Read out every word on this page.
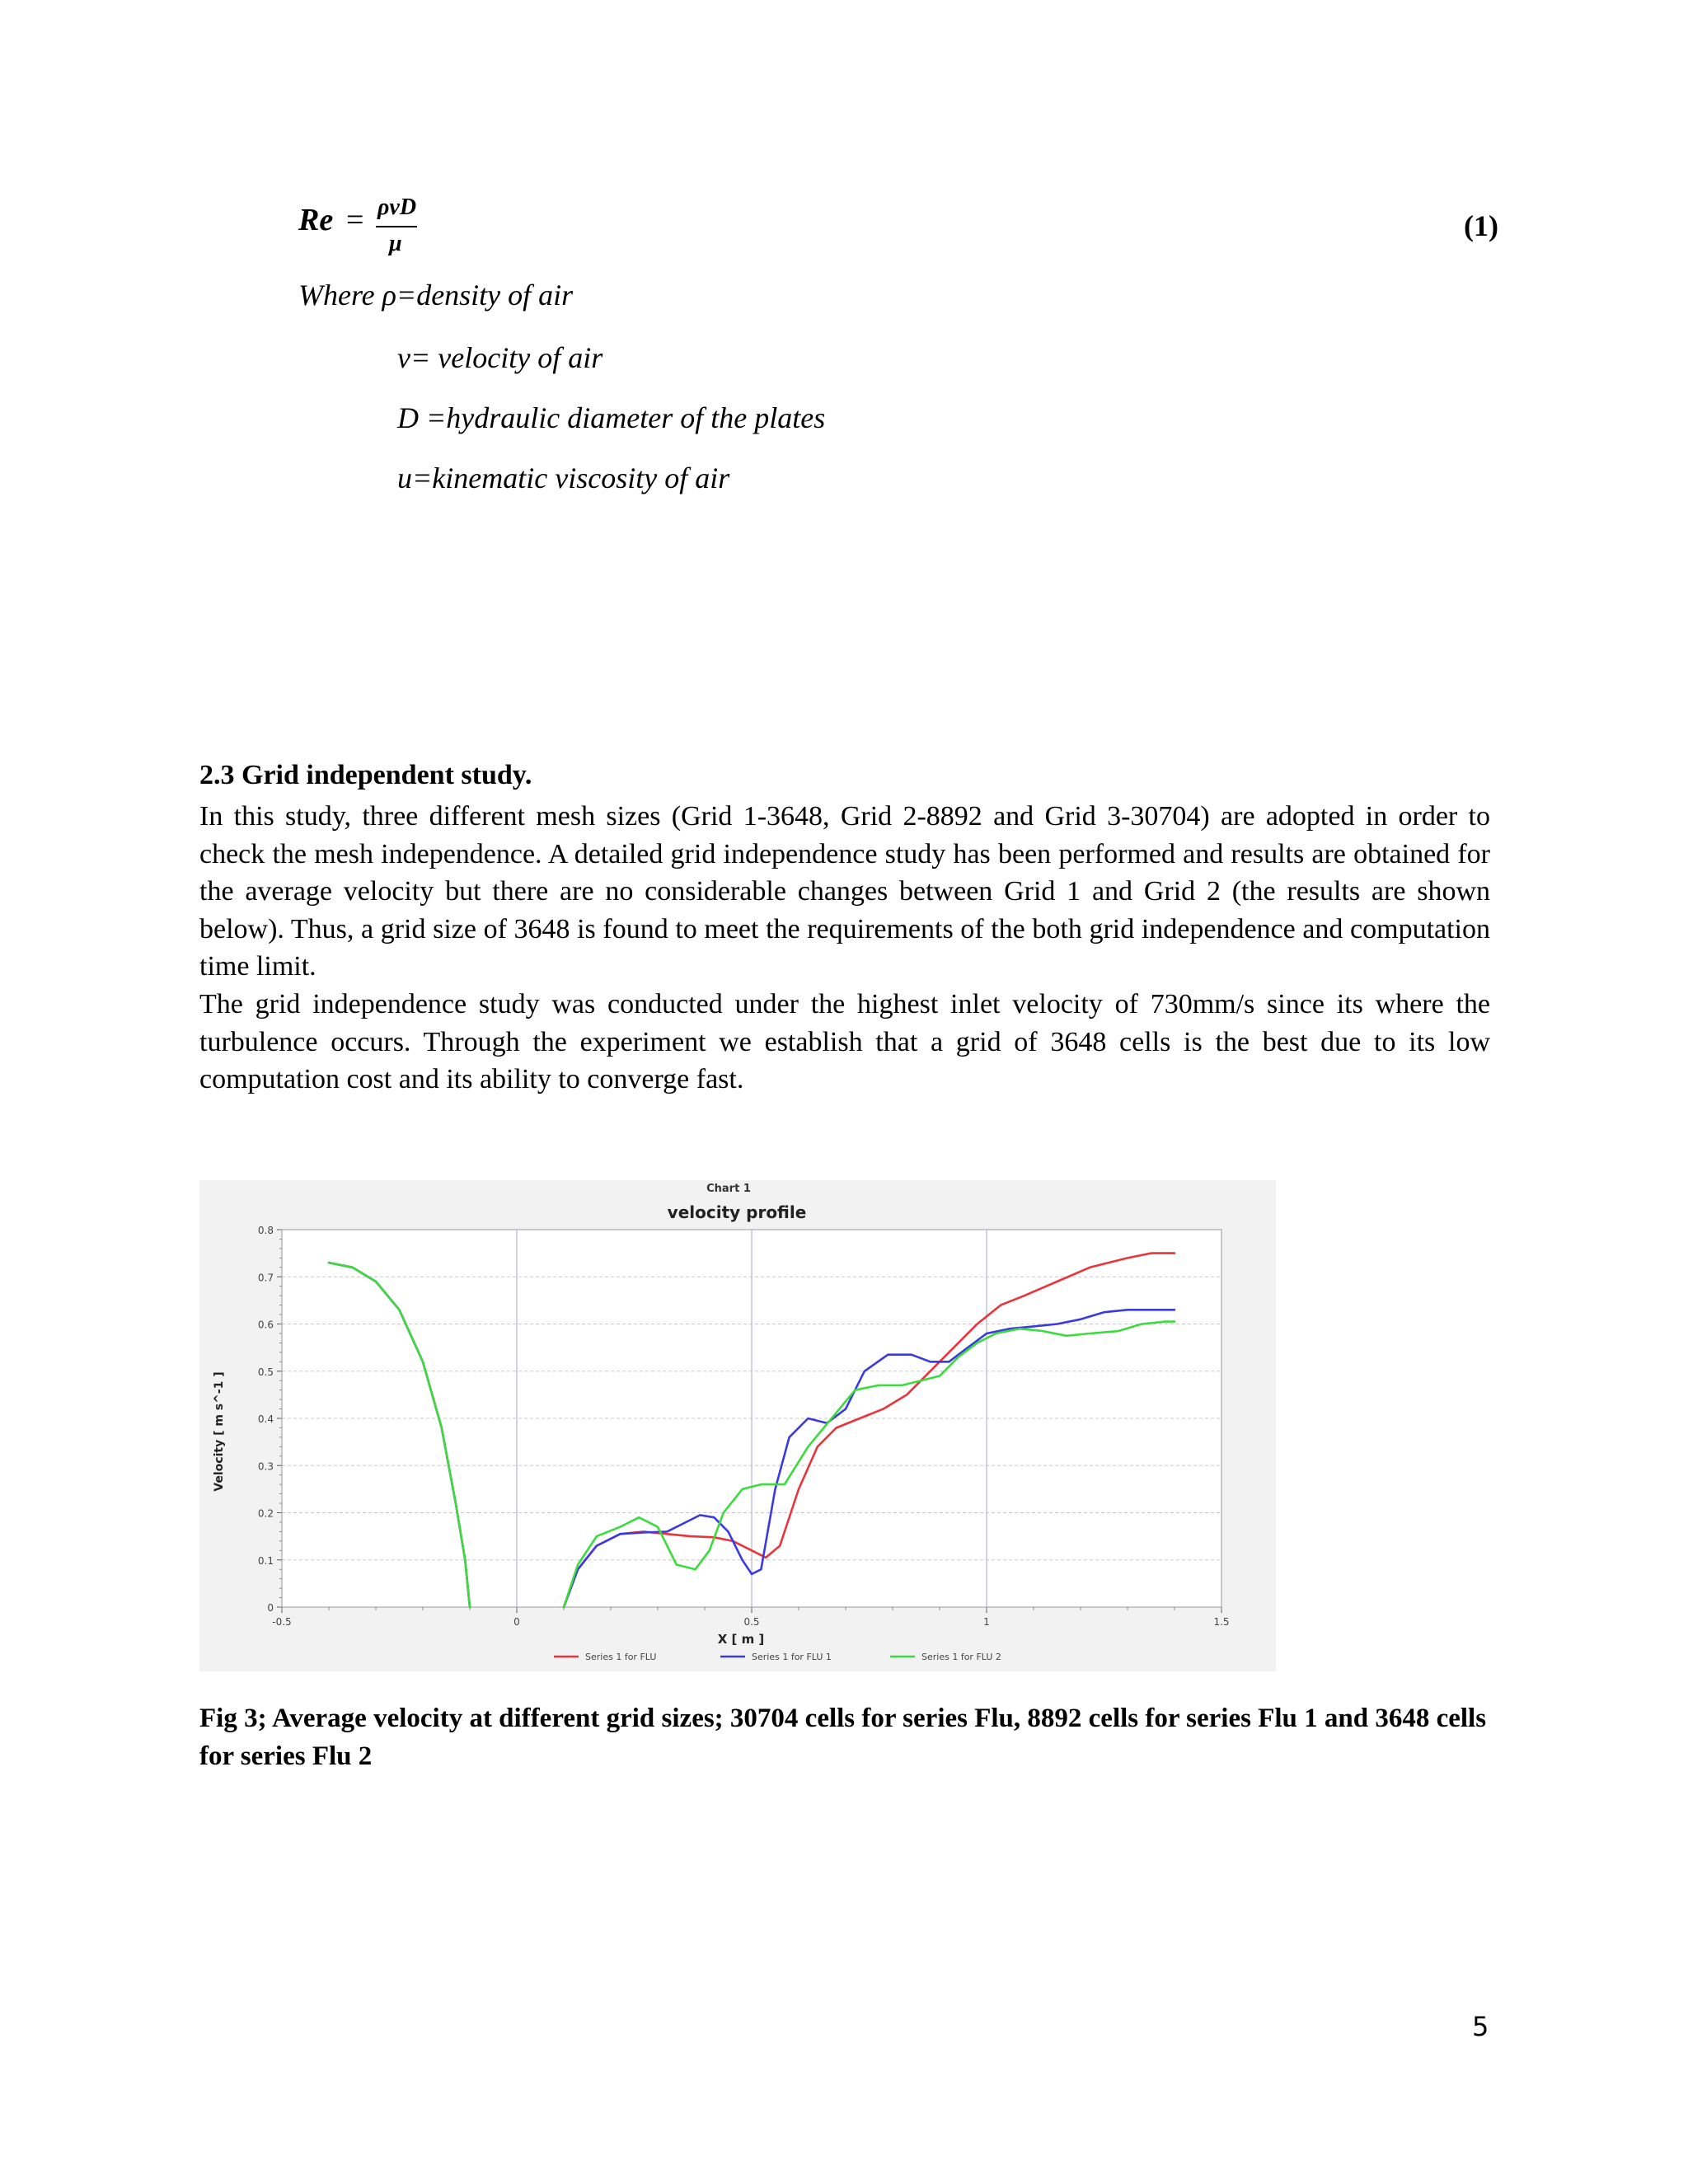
Re = ρvD
μ
(1)
Where ρ=density of air
v= velocity of air
D =hydraulic diameter of the plates
u=kinematic viscosity of air
2.3 Grid independent study.

In this study, three different mesh sizes (Grid 1-3648, Grid 2-8892 and Grid 3-30704) are adopted in order to check the mesh independence. A detailed grid independence study has been performed and results are obtained for the average velocity but there are no considerable changes between Grid 1 and Grid 2 (the results are shown below). Thus, a grid size of 3648 is found to meet the requirements of the both grid independence and computation time limit.

The grid independence study was conducted under the highest inlet velocity of 730mm/s since its where the turbulence occurs. Through the experiment we establish that a grid of 3648 cells is the best due to its low computation cost and its ability to converge fast.

Chart 1
velocity profile
X [ m ]
Velocity [ m s^-1 ]
0
0.1
0.2
0.3
0.4
0.5
0.6
0.7
0.8
-0.5	0	0.5	1	1.5
Series 1 for FLU	Series 1 for FLU 1	Series 1 for FLU 2

Fig 3; Average velocity at different grid sizes; 30704 cells for series Flu, 8892 cells for series Flu 1 and 3648 cells for series Flu 2

5
